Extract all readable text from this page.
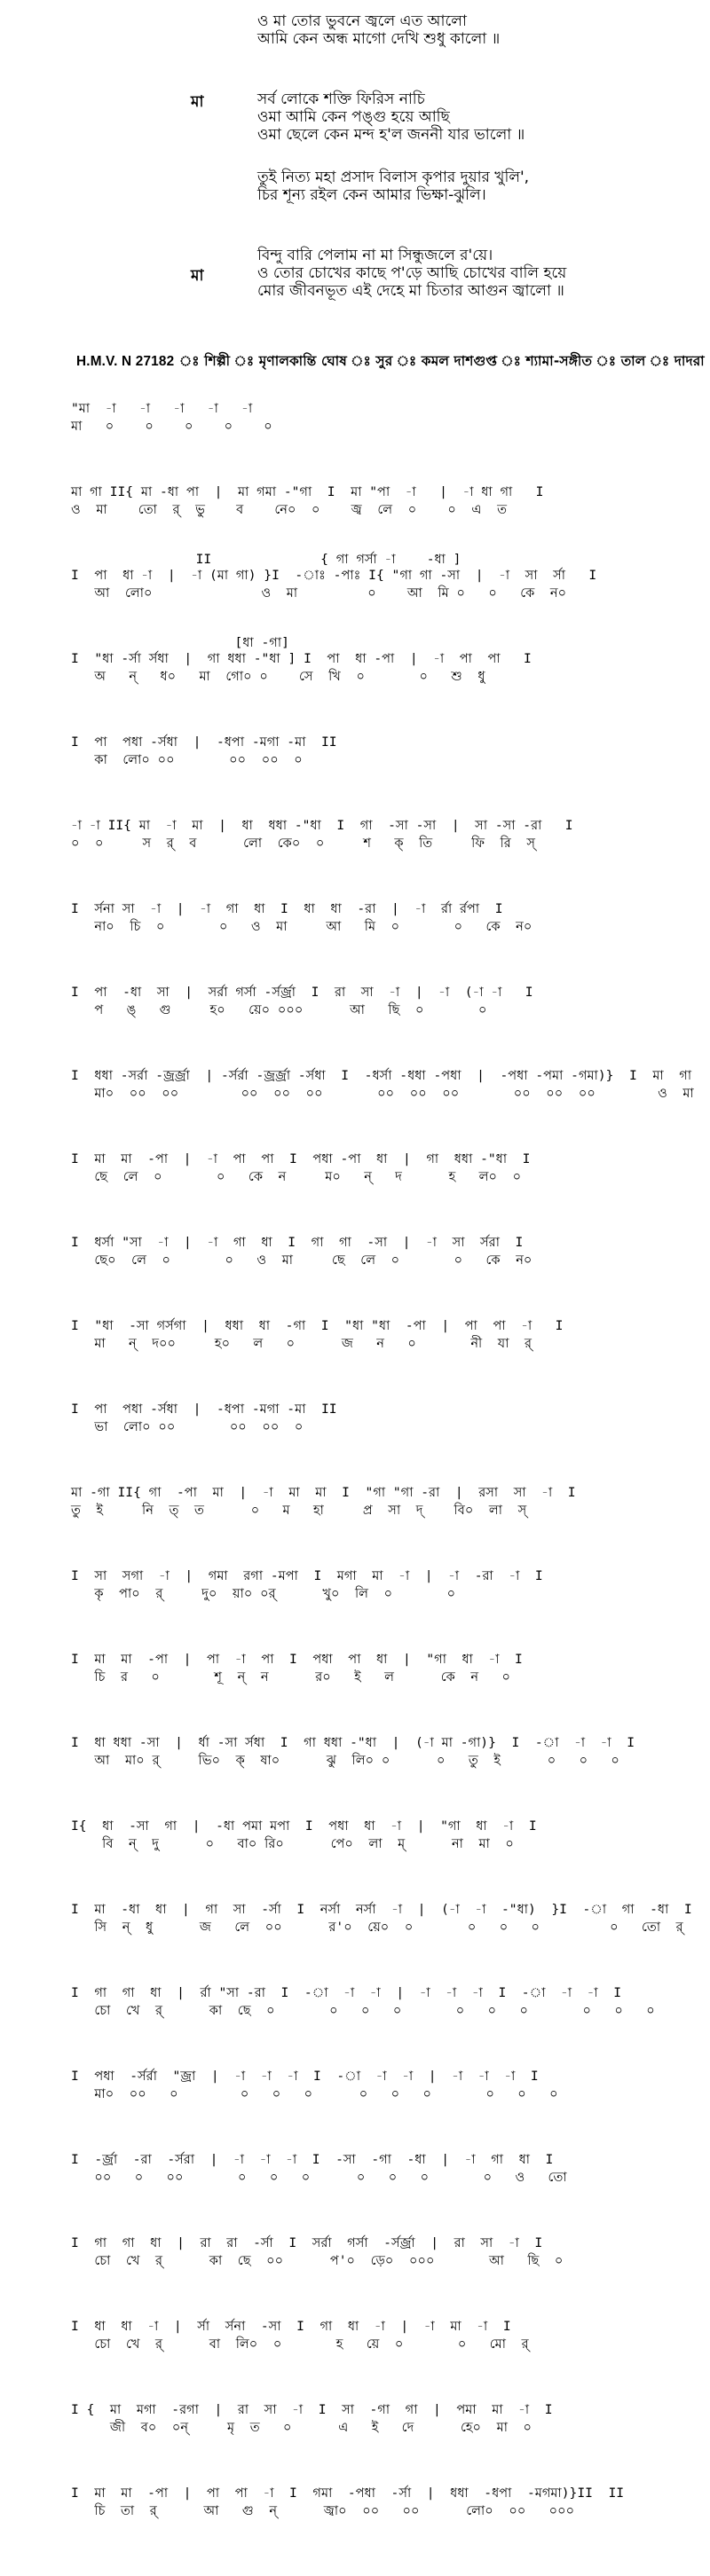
ও মা তোর ভুবনে জ্বলে এত আলো
আমি কেন অন্ধ মাগো দেখি শুধু কালো ॥
মা	সর্ব লোকে শক্তি ফিরিস নাচি
ওমা আমি কেন পঙ্গু হয়ে আছি
ওমা ছেলে কেন মন্দ হ'ল জননী যার ভালো ॥
তুই নিত্য মহা প্রসাদ বিলাস কৃপার দুয়ার খুলি',
চির শূন্য রইল কেন আমার ভিক্ষা-ঝুলি।
বিন্দু বারি পেলাম না মা সিন্ধুজলে র'য়ে।
মা	ও তোর চোখের কাছে প'ড়ে আছি চোখের বালি হয়ে
মোর জীবনভূত এই দেহে মা চিতার আগুন জ্বালো ॥
H.M.V. N 27182 ঃ শিল্পী ঃ মৃণালকান্তি ঘোষ ঃ সুর ঃ কমল দাশগুপ্ত ঃ শ্যামা-সঙ্গীত ঃ তাল ঃ দাদরা
"মা  -া   -া   -া   -া   -া
মা   ০    ০    ০    ০    ০
মা গা II{ মা -ধা পা  |  মা গমা -"গা  I  মা "পা  -া   |  -া ধা গা   I
ও  মা    তো  র্  ভু    ব    নে০  ০    জ্ব  লে  ০    ০  এ  ত
II              { গা গর্সা -া    -ধা ]
I  পা  ধা -া  |  -া (মা গা) }I  -াঃ -পাঃ I{ "গা গা -সা  |  -া  সা  র্সা   I
আ  লো০              ও  মা         ০    আ  মি ০   ০   কে  ন০
[ধা -গা]
I  "ধা -র্সা র্সধা  |  গা ধধা -"ধা ] I  পা  ধা -পা  |  -া  পা  পা   I
অ   ন্   ধ০   মা  গো০ ০    সে  খি  ০       ০   শু  ধু
I  পা  পধা -র্সধা  |  -ধপা -মগা -মা  II
কা  লো০ ০০       ০০  ০০  ০
-া -া II{ মা  -া  মা  |  ধা  ধধা -"ধা  I  গা  -সা -সা  |  সা -সা -রা   I
০  ০     স  র্  ব      লো  কে০  ০     শ   ক্  তি     ফি  রি  স্
I  র্সনা সা  -া  |  -া  গা  ধা  I  ধা  ধা  -রা  |  -া  র্রা র্রপা  I
না০  চি  ০       ০   ও  মা     আ   মি  ০       ০   কে  ন০
I  পা  -ধা  সা  |  সর্রা গর্সা -র্সর্জ্রা  I  রা  সা  -া  |  -া  (-া -া   I
প   ঙ্   গু     হ০   য়ে০ ০০০      আ   ছি  ০       ০
I  ধধা -সর্রা -জ্রর্জ্রা  | -র্সর্রা -জ্রর্জ্রা -র্সধা  I  -ধর্সা -ধধা -পধা  |  -পধা -পমা -গমা)}  I  মা  গা
মা০  ০০  ০০        ০০  ০০  ০০       ০০  ০০  ০০       ০০  ০০  ০০        ও  মা
I  মা  মা  -পা  |  -া  পা  পা  I  পধা -পা  ধা  |  গা  ধধা -"ধা  I
ছে  লে  ০       ০   কে  ন     ম০   ন্   দ      হ   ল০  ০
I  ধর্সা "সা  -া  |  -া  গা  ধা  I  গা  গা  -সা  |  -া  সা  র্সরা  I
ছে০  লে  ০       ০   ও  মা     ছে  লে  ০       ০   কে  ন০
I  "ধা  -সা গর্সগা  |  ধধা  ধা  -গা  I  "ধা "ধা  -পা  |  পা  পা  -া   I
মা   ন্  দ০০     হ০   ল   ০      জ   ন   ০       নী  যা  র্
I  পা  পধা -র্সধা  |  -ধপা -মগা -মা  II
ভা  লো০ ০০       ০০  ০০  ০
মা -গা II{ গা  -পা  মা  |  -া  মা  মা  I  "গা "গা -রা  |  রসা  সা  -া  I
তু  ই     নি  ত্  ত      ০   ম   হা     প্র  সা  দ্    বি০  লা  স্
I  সা  সগা  -া  |  গমা  রগা -মপা  I  মগা  মা  -া  |  -া  -রা  -া  I
কৃ  পা০  র্     দু০  য়া০ ০র্      খু০  লি  ০       ০
I  মা  মা  -পা  |  পা  -া  পা  I  পধা  পা  ধা  |  "গা  ধা  -া  I
চি  র   ০       শূ  ন্  ন      র০   ই   ল      কে  ন   ০
I  ধা ধধা -সা  |  র্ধা -সা র্সধা  I  গা ধধা -"ধা  |  (-া মা -গা)}  I  -া  -া  -া  I
আ  মা০ র্     ভি০  ক্  ষা০      ঝু  লি০ ০      ০   তু  ই      ০   ০   ০
I{  ধা  -সা  গা  |  -ধা পমা মপা  I  পধা  ধা  -া  |  "গা  ধা  -া  I
বি  ন্  দু      ০   বা০ রি০      পে০  লা  ম্      না  মা  ০
I  মা  -ধা  ধা  |  গা  সা  -র্সা  I  নর্সা  নর্সা  -া  |  (-া  -া  -"ধা)  }I  -া  গা  -ধা  I
সি  ন্  ধু      জ   লে  ০০      র'০  য়ে০  ০       ০   ০   ০         ০   তো  র্
I  গা  গা  ধা  |  র্রা "সা -রা  I  -া  -া  -া  |  -া  -া  -া  I  -া  -া  -া  I
চো  খে  র্      কা  ছে  ০       ০   ০   ০       ০   ০   ০       ০   ০   ০
I  পধা  -র্সর্রা  "জ্রা  |  -া  -া  -া  I  -া  -া  -া  |  -া  -া  -া  I
মা০  ০০   ০        ০   ০   ০      ০   ০   ০       ০   ০   ০
I  -র্জ্রা  -রা  -র্সরা  |  -া  -া  -া  I  -সা  -গা  -ধা  |  -া  গা  ধা  I
০০   ০   ০০       ০   ০   ০      ০   ০   ০       ০   ও   তো
I  গা  গা  ধা  |  রা  রা  -র্সা  I  সর্রা  গর্সা  -র্সর্জ্রা  |  রা  সা  -া  I
চো  খে  র্      কা  ছে  ০০      প'০  ড়ে০  ০০০       আ   ছি  ০
I  ধা  ধা  -া  |  র্সা  র্সনা  -সা  I  গা  ধা  -া  |  -া  মা  -া  I
চো  খে  র্      বা  লি০  ০       হ   য়ে  ০       ০   মো  র্
I {  মা  মগা  -রগা  |  রা  সা  -া  I  সা  -গা  গা  |  পমা  মা  -া  I
জী  ব০  ০ন্     মৃ  ত   ০      এ   ই   দে      হে০  মা  ০
I  মা  মা  -পা  |  পা  পা  -া  I  গমা  -পধা  -র্সা  |  ধধা  -ধপা  -মগমা)}II  II
চি  তা  র্      আ   গু  ন্      জ্বা০  ০০   ০০      লো০  ০০   ০০০
